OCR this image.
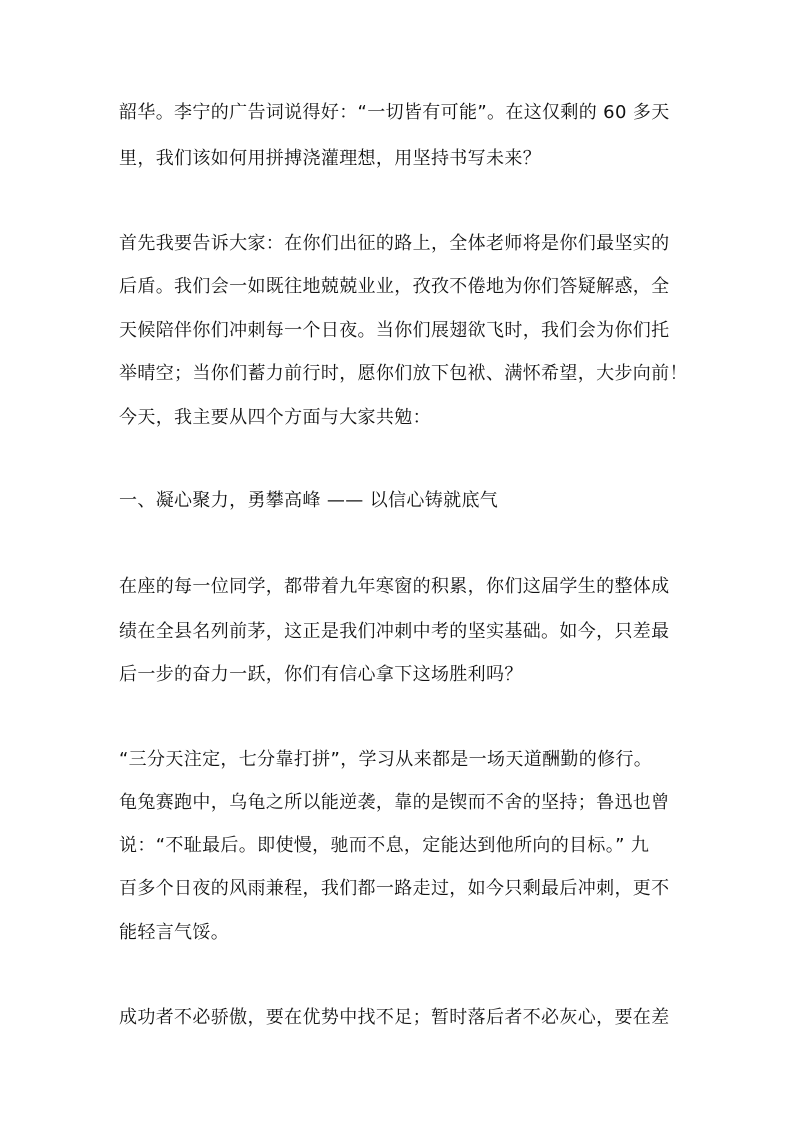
韶华。李宁的广告词说得好：“一切皆有可能”。在这仅剩的 60 多天
里，我们该如何用拼搏浇灌理想，用坚持书写未来？
首先我要告诉大家：在你们出征的路上，全体老师将是你们最坚实的
后盾。我们会一如既往地兢兢业业，孜孜不倦地为你们答疑解惑，全
天候陪伴你们冲刺每一个日夜。当你们展翅欲飞时，我们会为你们托
举晴空；当你们蓄力前行时，愿你们放下包袱、满怀希望，大步向前！
今天，我主要从四个方面与大家共勉：
一、凝心聚力，勇攀高峰 —— 以信心铸就底气
在座的每一位同学，都带着九年寒窗的积累，你们这届学生的整体成
绩在全县名列前茅，这正是我们冲刺中考的坚实基础。如今，只差最
后一步的奋力一跃，你们有信心拿下这场胜利吗？
“三分天注定，七分靠打拼”，学习从来都是一场天道酬勤的修行。
龟兔赛跑中，乌龟之所以能逆袭，靠的是锲而不舍的坚持；鲁迅也曾
说：“不耻最后。即使慢，驰而不息，定能达到他所向的目标。” 九
百多个日夜的风雨兼程，我们都一路走过，如今只剩最后冲刺，更不
能轻言气馁。
成功者不必骄傲，要在优势中找不足；暂时落后者不必灰心，要在差
